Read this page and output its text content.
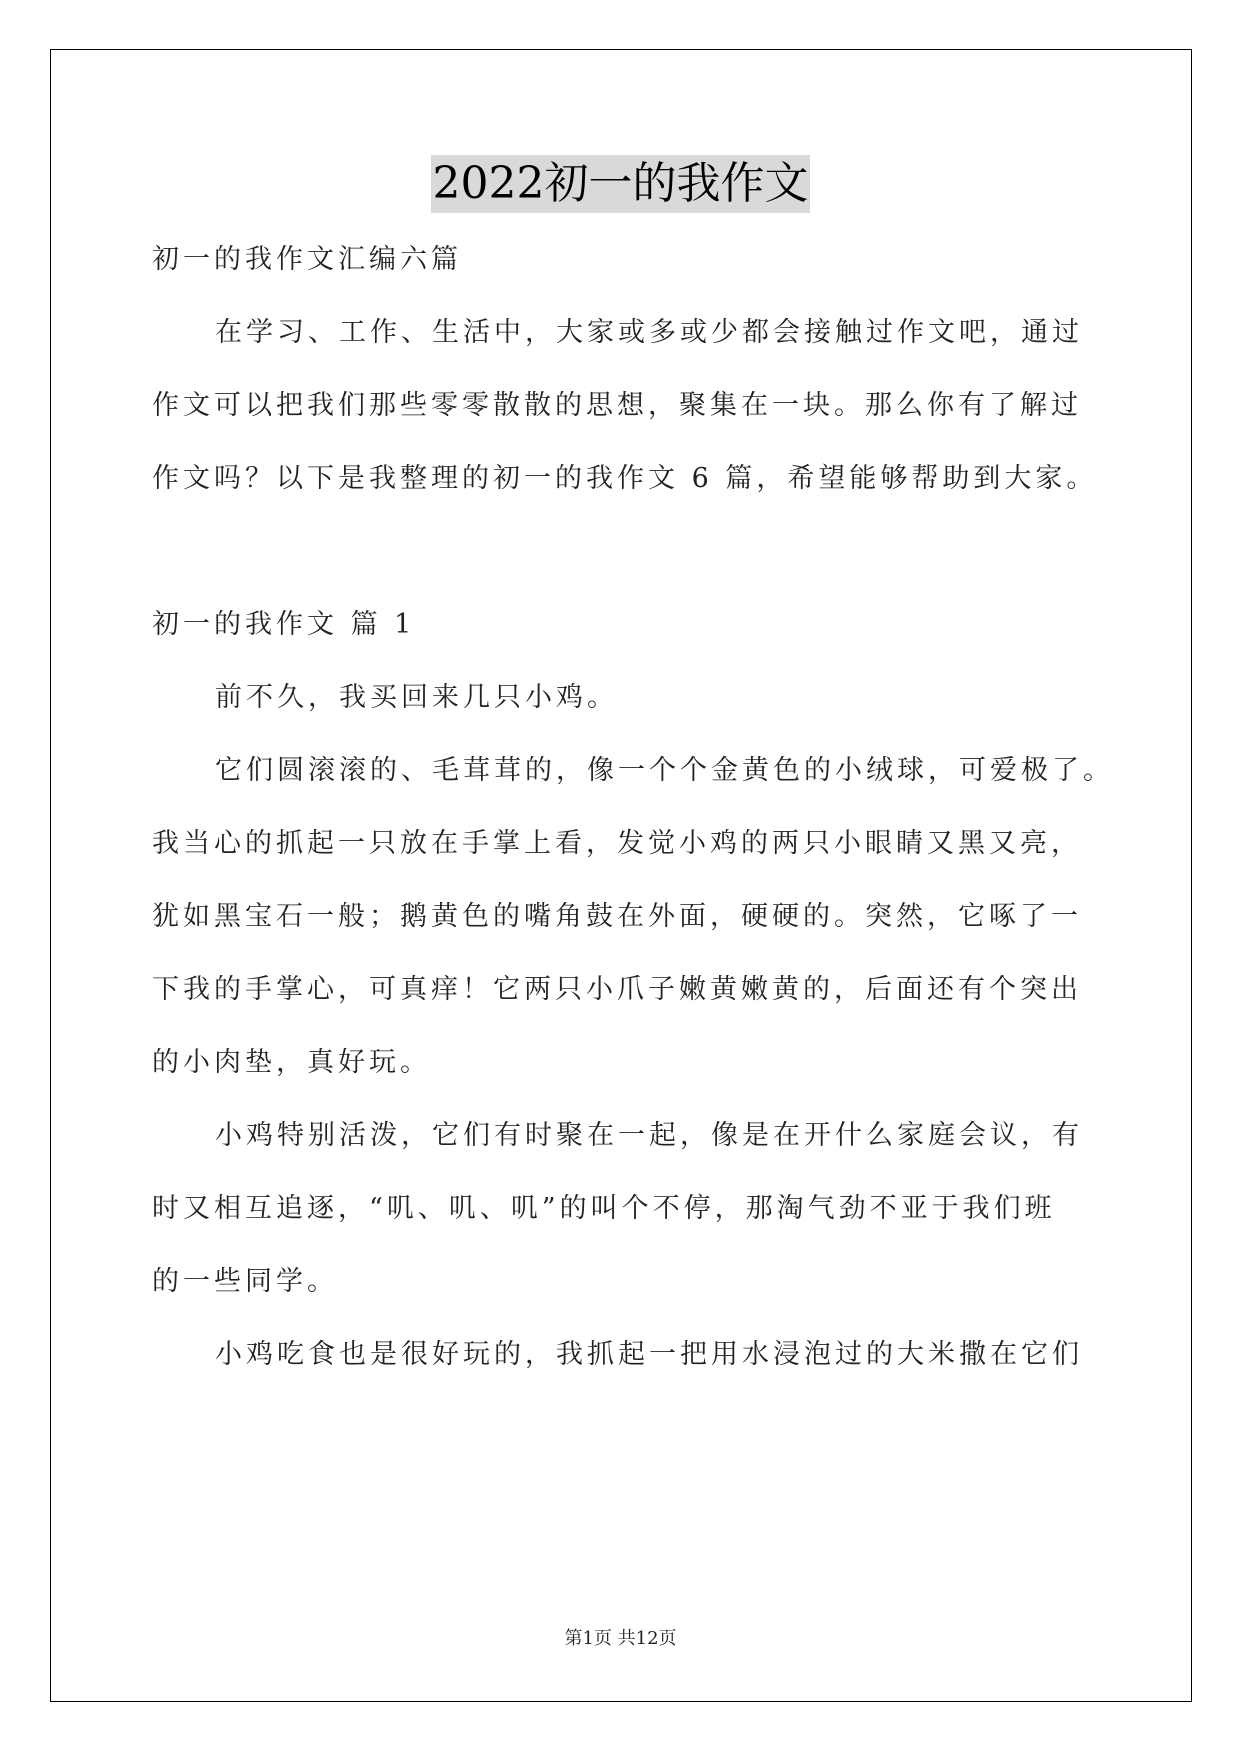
2022初一的我作文
初一的我作文汇编六篇
在学习、工作、生活中，大家或多或少都会接触过作文吧，通过
作文可以把我们那些零零散散的思想，聚集在一块。那么你有了解过
作文吗？以下是我整理的初一的我作文 6 篇，希望能够帮助到大家。
初一的我作文 篇 1
前不久，我买回来几只小鸡。
它们圆滚滚的、毛茸茸的，像一个个金黄色的小绒球，可爱极了。
我当心的抓起一只放在手掌上看，发觉小鸡的两只小眼睛又黑又亮，
犹如黑宝石一般；鹅黄色的嘴角鼓在外面，硬硬的。突然，它啄了一
下我的手掌心，可真痒！它两只小爪子嫩黄嫩黄的，后面还有个突出
的小肉垫，真好玩。
小鸡特别活泼，它们有时聚在一起，像是在开什么家庭会议，有
时又相互追逐，“叽、叽、叽”的叫个不停，那淘气劲不亚于我们班
的一些同学。
小鸡吃食也是很好玩的，我抓起一把用水浸泡过的大米撒在它们
第1页 共12页
